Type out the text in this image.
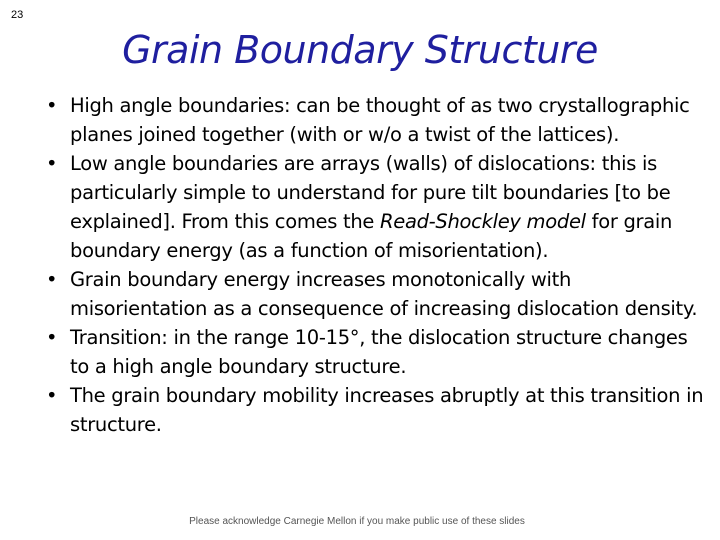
23
Grain Boundary Structure
• High angle boundaries: can be thought of as two crystallographic planes joined together (with or w/o a twist of the lattices).
• Low angle boundaries are arrays (walls) of dislocations: this is particularly simple to understand for pure tilt boundaries [to be explained]. From this comes the Read-Shockley model for grain boundary energy (as a function of misorientation).
• Grain boundary energy increases monotonically with misorientation as a consequence of increasing dislocation density.
• Transition: in the range 10-15°, the dislocation structure changes to a high angle boundary structure.
• The grain boundary mobility increases abruptly at this transition in structure.
Please acknowledge Carnegie Mellon if you make public use of these slides
